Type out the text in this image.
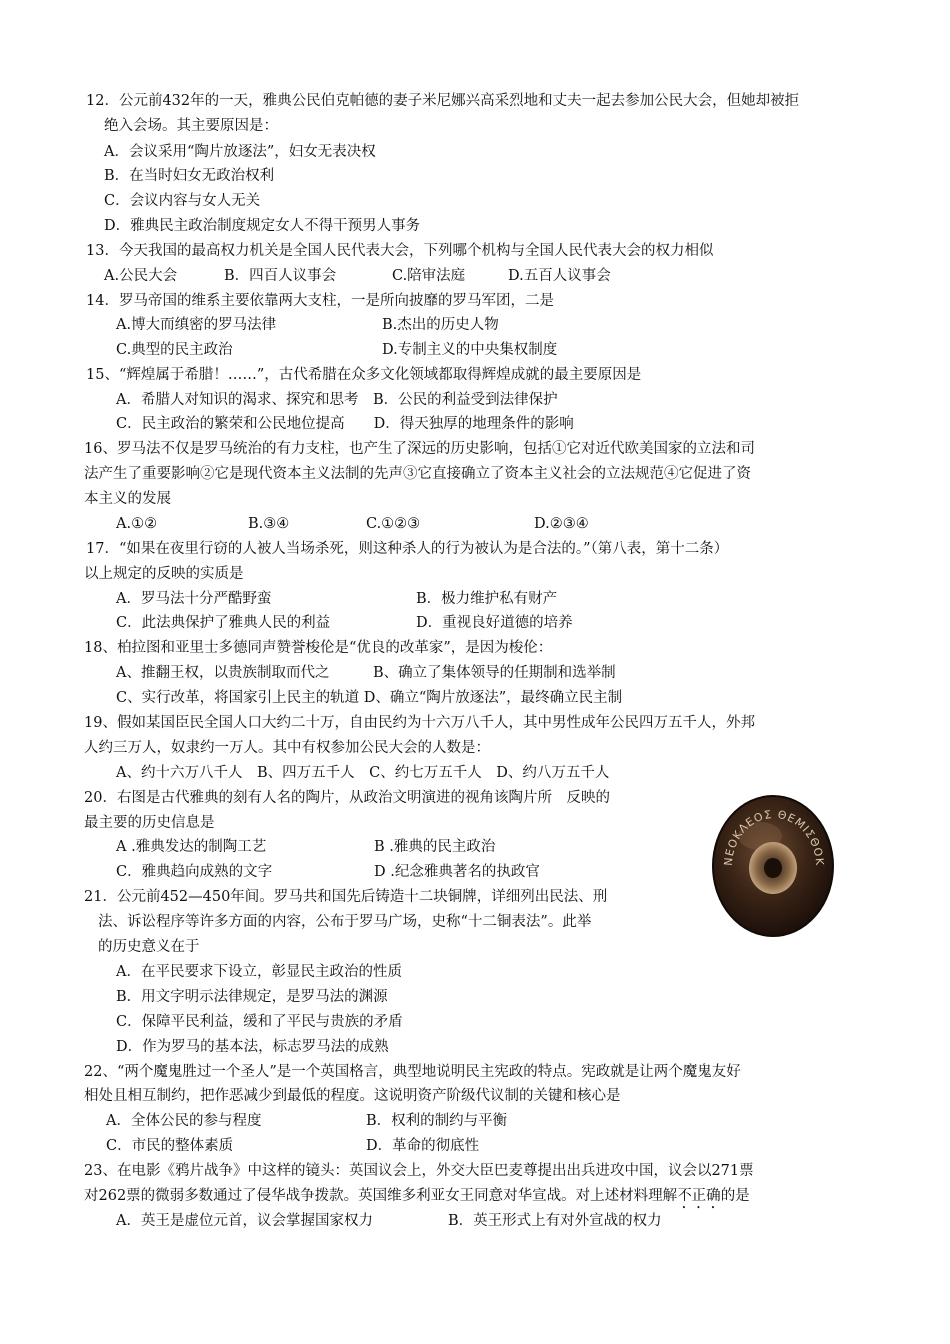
12．公元前432年的一天，雅典公民伯克帕德的妻子米尼娜兴高采烈地和丈夫一起去参加公民大会，但她却被拒
绝入会场。其主要原因是：
A．会议采用“陶片放逐法”，妇女无表决权
B．在当时妇女无政治权利
C．会议内容与女人无关
D．雅典民主政治制度规定女人不得干预男人事务
13．今天我国的最高权力机关是全国人民代表大会，下列哪个机构与全国人民代表大会的权力相似
A.公民大会	B．四百人议事会	C.陪审法庭	D.五百人议事会
14．罗马帝国的维系主要依靠两大支柱，一是所向披靡的罗马军团，二是
A.博大而缜密的罗马法律	B.杰出的历史人物
C.典型的民主政治	D.专制主义的中央集权制度
15、“辉煌属于希腊！……”，古代希腊在众多文化领域都取得辉煌成就的最主要原因是
A．希腊人对知识的渴求、探究和思考　B．公民的利益受到法律保护
C．民主政治的繁荣和公民地位提高　　D．得天独厚的地理条件的影响
16、罗马法不仅是罗马统治的有力支柱，也产生了深远的历史影响，包括①它对近代欧美国家的立法和司
法产生了重要影响②它是现代资本主义法制的先声③它直接确立了资本主义社会的立法规范④它促进了资
本主义的发展
A.①②	B.③④	C.①②③	D.②③④
17．“如果在夜里行窃的人被人当场杀死，则这种杀人的行为被认为是合法的。”（第八表，第十二条）
以上规定的反映的实质是
A．罗马法十分严酷野蛮	B．极力维护私有财产
C．此法典保护了雅典人民的利益	D．重视良好道德的培养
18、柏拉图和亚里士多德同声赞誉梭伦是“优良的改革家”，是因为梭伦：
A、推翻王权，以贵族制取而代之　　　B、确立了集体领导的任期制和选举制
C、实行改革，将国家引上民主的轨道 D、确立“陶片放逐法”，最终确立民主制
19、假如某国臣民全国人口大约二十万，自由民约为十六万八千人，其中男性成年公民四万五千人，外邦
人约三万人，奴隶约一万人。其中有权参加公民大会的人数是：
A、约十六万八千人　B、四万五千人　C、约七万五千人　D、约八万五千人
20．右图是古代雅典的刻有人名的陶片，从政治文明演进的视角该陶片所　反映的
最主要的历史信息是
A .雅典发达的制陶工艺	B .雅典的民主政治
C．雅典趋向成熟的文字	D .纪念雅典著名的执政官
ΝΕΟΚΛΕΟΣ ΘΕΜΙΣΘΟΚ
21．公元前452—450年间。罗马共和国先后铸造十二块铜牌，详细列出民法、刑
法、诉讼程序等许多方面的内容，公布于罗马广场，史称“十二铜表法”。此举
的历史意义在于
A．在平民要求下设立，彰显民主政治的性质
B．用文字明示法律规定，是罗马法的渊源
C．保障平民利益，缓和了平民与贵族的矛盾
D．作为罗马的基本法，标志罗马法的成熟
22、“两个魔鬼胜过一个圣人”是一个英国格言，典型地说明民主宪政的特点。宪政就是让两个魔鬼友好
相处且相互制约，把作恶减少到最低的程度。这说明资产阶级代议制的关键和核心是
A．全体公民的参与程度	B．权利的制约与平衡
C．市民的整体素质	D．革命的彻底性
23、在电影《鸦片战争》中这样的镜头：英国议会上，外交大臣巴麦尊提出出兵进攻中国，议会以271票
对262票的微弱多数通过了侵华战争拨款。英国维多利亚女王同意对华宣战。对上述材料理解不正确的是
A．英王是虚位元首，议会掌握国家权力	B．英王形式上有对外宣战的权力
